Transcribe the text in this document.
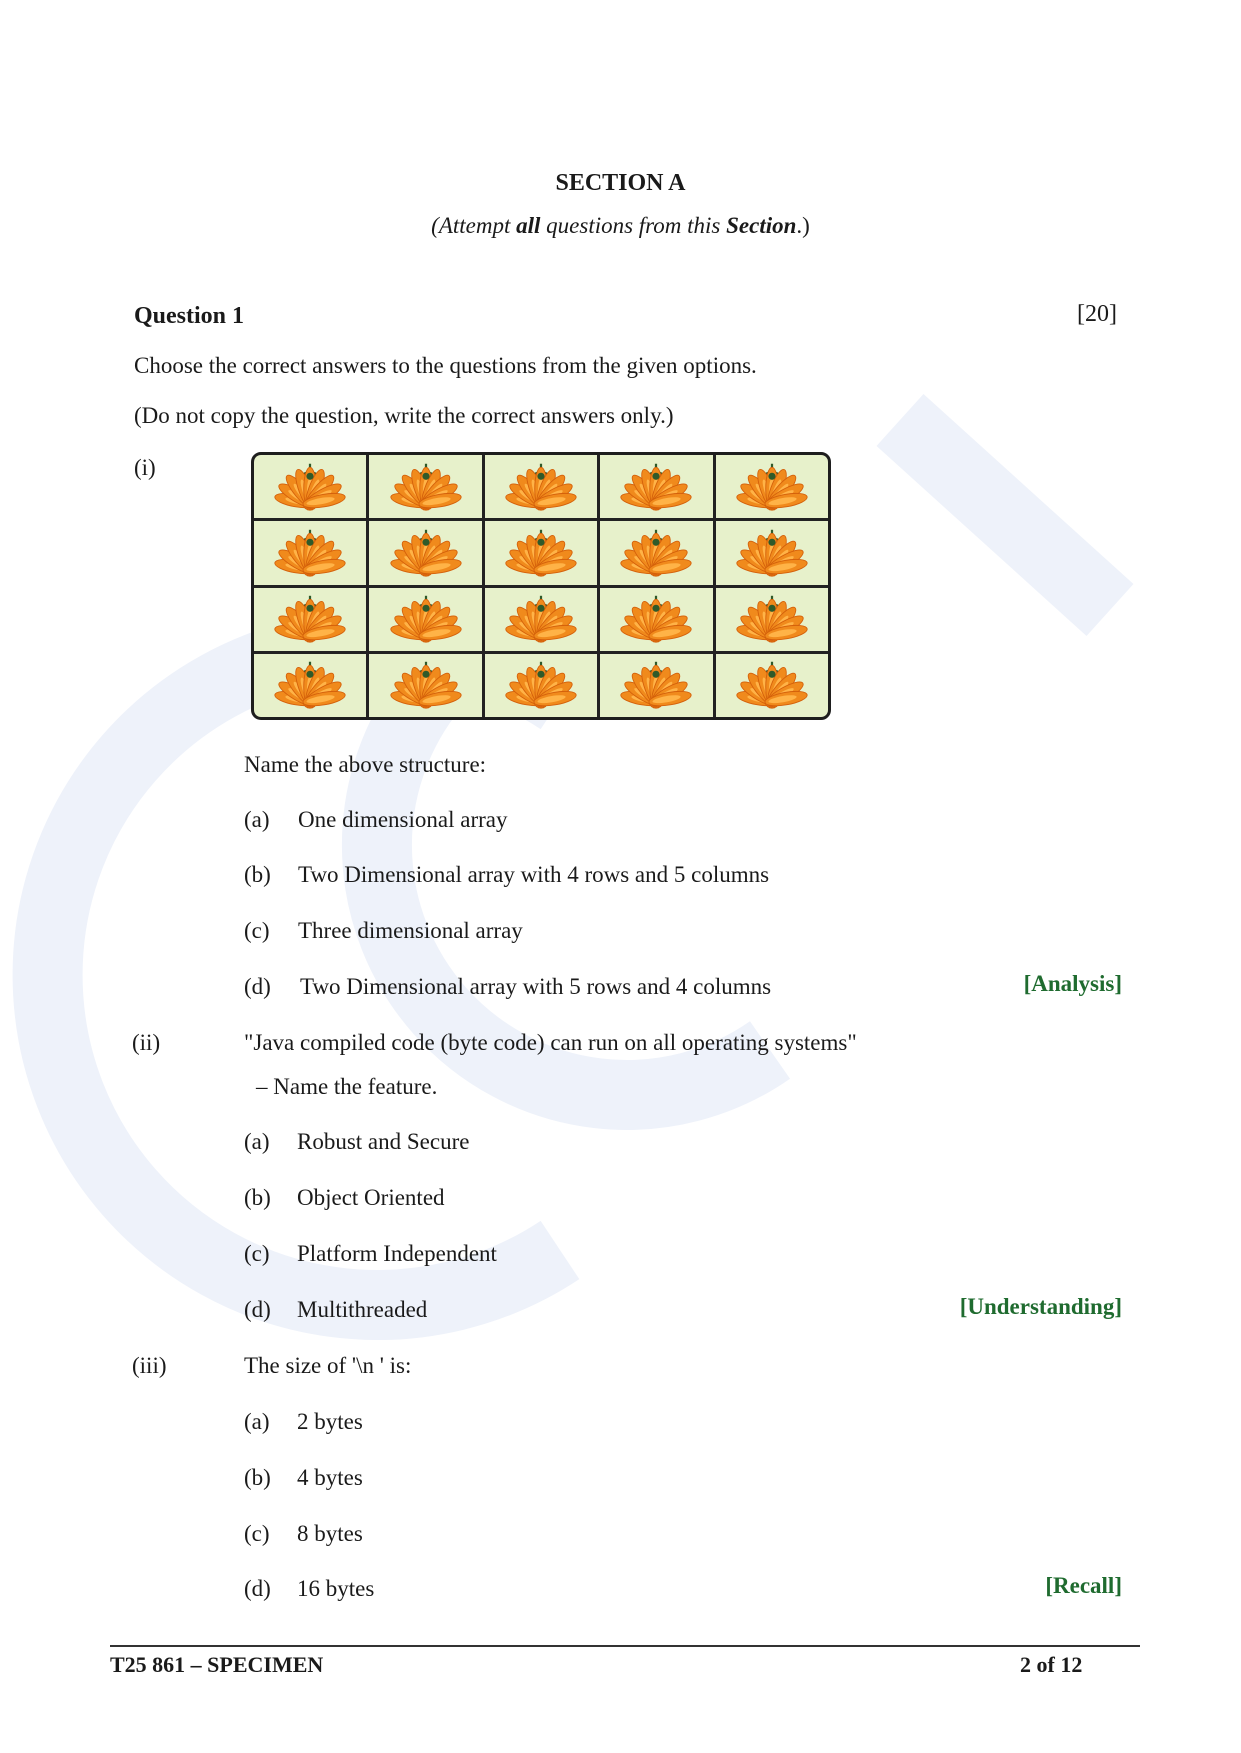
SECTION A
(Attempt all questions from this Section.)
Question 1	[20]
Choose the correct answers to the questions from the given options.
(Do not copy the question, write the correct answers only.)
(i)
Name the above structure:
(a) One dimensional array
(b) Two Dimensional array with 4 rows and 5 columns
(c) Three dimensional array
(d) Two Dimensional array with 5 rows and 4 columns	[Analysis]
(ii)	"Java compiled code (byte code) can run on all operating systems"
– Name the feature.
(a) Robust and Secure
(b) Object Oriented
(c) Platform Independent
(d) Multithreaded	[Understanding]
(iii)	The size of '\n ' is:
(a) 2 bytes
(b) 4 bytes
(c) 8 bytes
(d) 16 bytes	[Recall]
T25 861 – SPECIMEN	2 of 12
